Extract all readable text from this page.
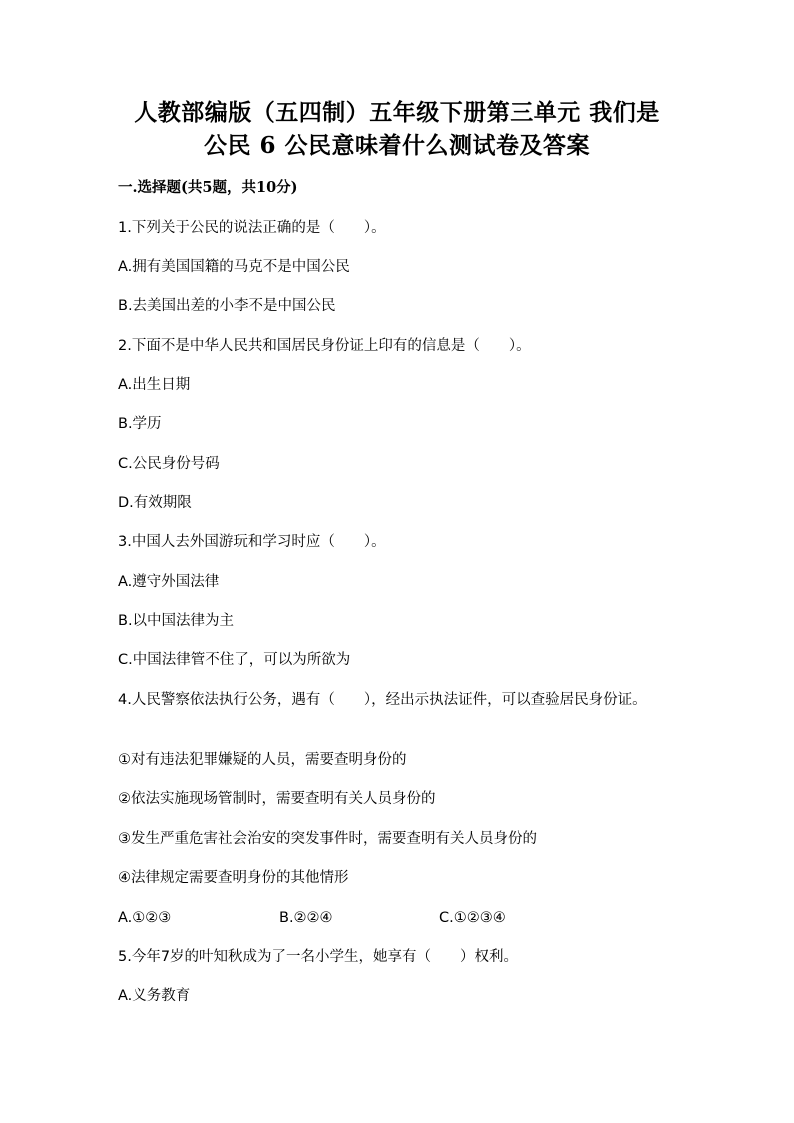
人教部编版（五四制）五年级下册第三单元 我们是
公民 6 公民意味着什么测试卷及答案
一.选择题(共5题，共10分)
1.下列关于公民的说法正确的是（　　）。
A.拥有美国国籍的马克不是中国公民
B.去美国出差的小李不是中国公民
2.下面不是中华人民共和国居民身份证上印有的信息是（　　）。
A.出生日期
B.学历
C.公民身份号码
D.有效期限
3.中国人去外国游玩和学习时应（　　）。
A.遵守外国法律
B.以中国法律为主
C.中国法律管不住了，可以为所欲为
4.人民警察依法执行公务，遇有（　　），经出示执法证件，可以查验居民身份证。
①对有违法犯罪嫌疑的人员，需要查明身份的
②依法实施现场管制时，需要查明有关人员身份的
③发生严重危害社会治安的突发事件时，需要查明有关人员身份的
④法律规定需要查明身份的其他情形
A.①②③	B.②②④	C.①②③④
5.今年7岁的叶知秋成为了一名小学生，她享有（　　）权利。
A.义务教育
